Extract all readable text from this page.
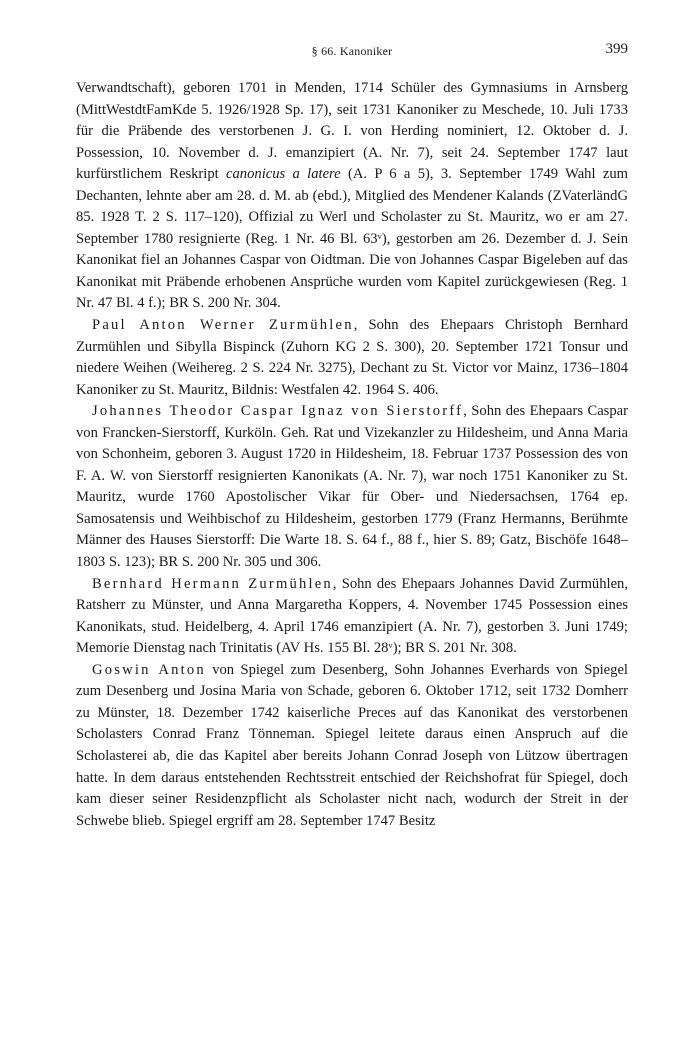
§ 66. Kanoniker	399

Verwandtschaft), geboren 1701 in Menden, 1714 Schüler des Gymnasiums in Arnsberg (MittWestdtFamKde 5. 1926/1928 Sp. 17), seit 1731 Kanoniker zu Meschede, 10. Juli 1733 für die Präbende des verstorbenen J. G. I. von Herding nominiert, 12. Oktober d. J. Possession, 10. November d. J. emanzipiert (A. Nr. 7), seit 24. September 1747 laut kurfürstlichem Reskript canonicus a latere (A. P 6 a 5), 3. September 1749 Wahl zum Dechanten, lehnte aber am 28. d. M. ab (ebd.), Mitglied des Mendener Kalands (ZVaterländG 85. 1928 T. 2 S. 117–120), Offizial zu Werl und Scholaster zu St. Mauritz, wo er am 27. September 1780 resignierte (Reg. 1 Nr. 46 Bl. 63ᵛ), gestorben am 26. Dezember d. J. Sein Kanonikat fiel an Johannes Caspar von Oidtman. Die von Johannes Caspar Bigeleben auf das Kanonikat mit Präbende erhobenen Ansprüche wurden vom Kapitel zurückgewiesen (Reg. 1 Nr. 47 Bl. 4 f.); BR S. 200 Nr. 304.

Paul Anton Werner Zurmühlen, Sohn des Ehepaars Christoph Bernhard Zurmühlen und Sibylla Bispinck (Zuhorn KG 2 S. 300), 20. September 1721 Tonsur und niedere Weihen (Weihereg. 2 S. 224 Nr. 3275), Dechant zu St. Victor vor Mainz, 1736–1804 Kanoniker zu St. Mauritz, Bildnis: Westfalen 42. 1964 S. 406.

Johannes Theodor Caspar Ignaz von Sierstorff, Sohn des Ehepaars Caspar von Francken-Sierstorff, Kurköln. Geh. Rat und Vizekanzler zu Hildesheim, und Anna Maria von Schonheim, geboren 3. August 1720 in Hildesheim, 18. Februar 1737 Possession des von F. A. W. von Sierstorff resignierten Kanonikats (A. Nr. 7), war noch 1751 Kanoniker zu St. Mauritz, wurde 1760 Apostolischer Vikar für Ober- und Niedersachsen, 1764 ep. Samosatensis und Weihbischof zu Hildesheim, gestorben 1779 (Franz Hermanns, Berühmte Männer des Hauses Sierstorff: Die Warte 18. S. 64 f., 88 f., hier S. 89; Gatz, Bischöfe 1648–1803 S. 123); BR S. 200 Nr. 305 und 306.

Bernhard Hermann Zurmühlen, Sohn des Ehepaars Johannes David Zurmühlen, Ratsherr zu Münster, und Anna Margaretha Koppers, 4. November 1745 Possession eines Kanonikats, stud. Heidelberg, 4. April 1746 emanzipiert (A. Nr. 7), gestorben 3. Juni 1749; Memorie Dienstag nach Trinitatis (AV Hs. 155 Bl. 28ᵛ); BR S. 201 Nr. 308.

Goswin Anton von Spiegel zum Desenberg, Sohn Johannes Everhards von Spiegel zum Desenberg und Josina Maria von Schade, geboren 6. Oktober 1712, seit 1732 Domherr zu Münster, 18. Dezember 1742 kaiserliche Preces auf das Kanonikat des verstorbenen Scholasters Conrad Franz Tönneman. Spiegel leitete daraus einen Anspruch auf die Scholasterei ab, die das Kapitel aber bereits Johann Conrad Joseph von Lützow übertragen hatte. In dem daraus entstehenden Rechtsstreit entschied der Reichshofrat für Spiegel, doch kam dieser seiner Residenzpflicht als Scholaster nicht nach, wodurch der Streit in der Schwebe blieb. Spiegel ergriff am 28. September 1747 Besitz
